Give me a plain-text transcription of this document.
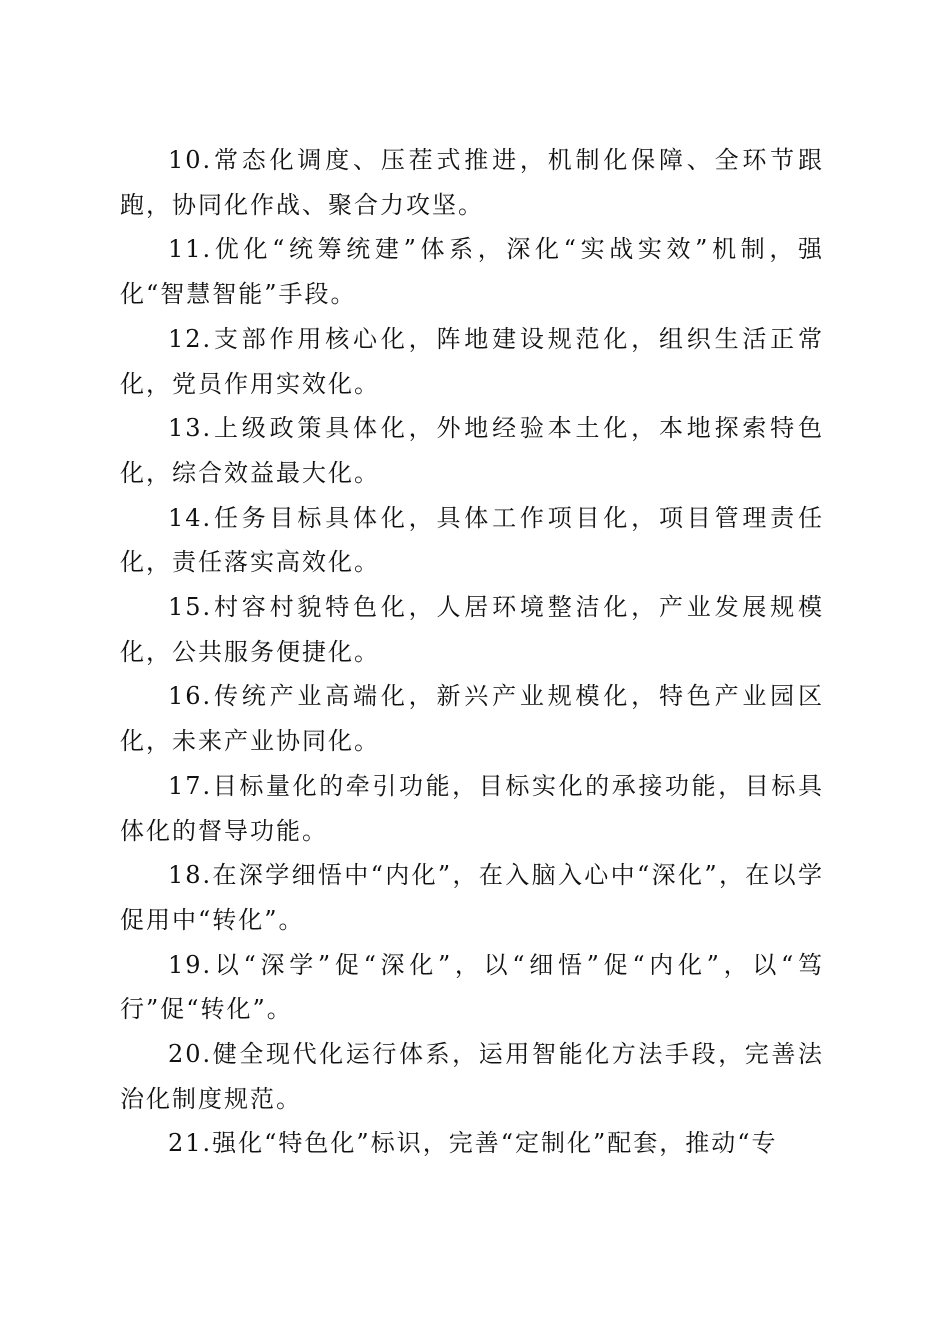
10.常态化调度、压茬式推进，机制化保障、全环节跟跑，协同化作战、聚合力攻坚。

11.优化“统筹统建”体系，深化“实战实效”机制，强化“智慧智能”手段。

12.支部作用核心化，阵地建设规范化，组织生活正常化，党员作用实效化。

13.上级政策具体化，外地经验本土化，本地探索特色化，综合效益最大化。

14.任务目标具体化，具体工作项目化，项目管理责任化，责任落实高效化。

15.村容村貌特色化，人居环境整洁化，产业发展规模化，公共服务便捷化。

16.传统产业高端化，新兴产业规模化，特色产业园区化，未来产业协同化。

17.目标量化的牵引功能，目标实化的承接功能，目标具体化的督导功能。

18.在深学细悟中“内化”，在入脑入心中“深化”，在以学促用中“转化”。

19.以“深学”促“深化”，以“细悟”促“内化”，以“笃行”促“转化”。

20.健全现代化运行体系，运用智能化方法手段，完善法治化制度规范。

21.强化“特色化”标识，完善“定制化”配套，推动“专
